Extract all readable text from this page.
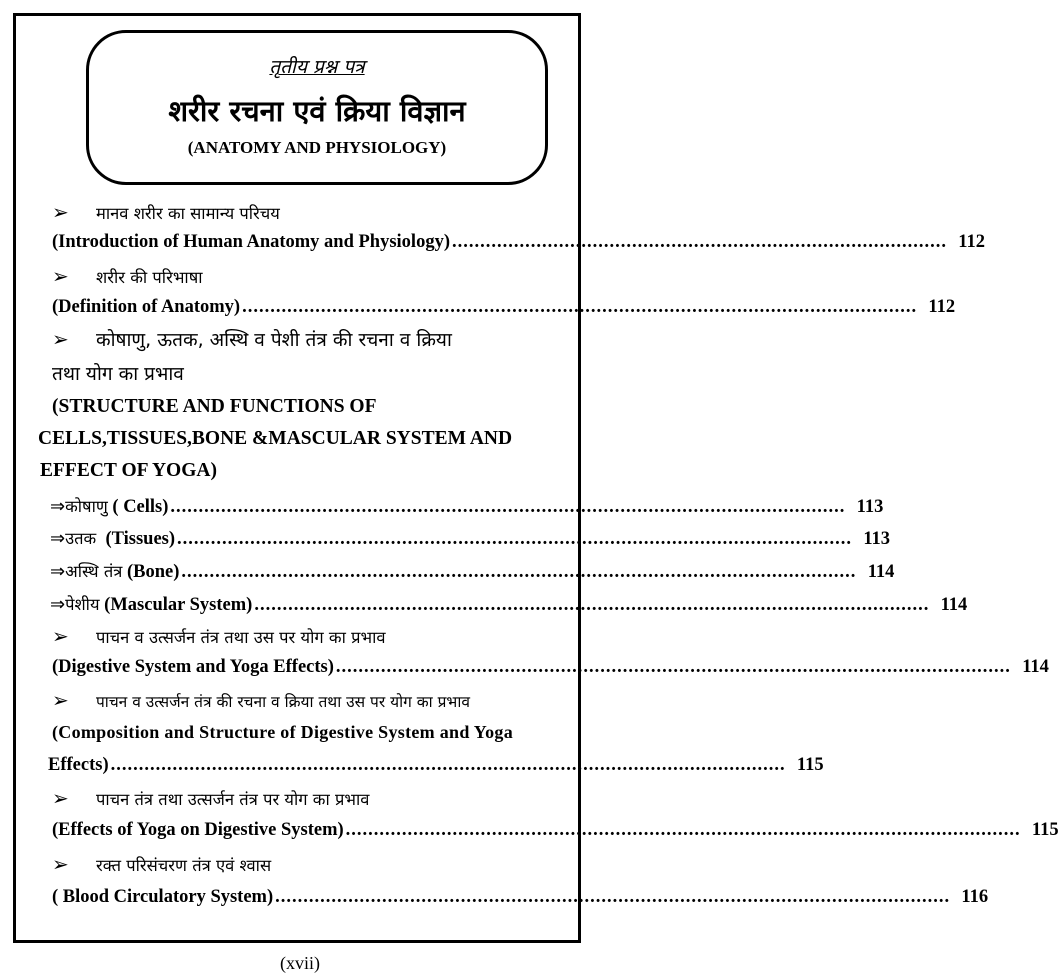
तृतीय प्रश्न पत्र
शरीर रचना एवं क्रिया विज्ञान
(ANATOMY AND PHYSIOLOGY)
➢ मानव शरीर का सामान्य परिचय
(Introduction of Human Anatomy and Physiology) ........................................................................................ 112
➢ शरीर की परिभाषा
(Definition of Anatomy) ........................................................................................................................ 112
➢ कोषाणु, ऊतक, अस्थि व पेशी तंत्र की रचना व क्रिया
तथा योग का प्रभाव
(STRUCTURE AND FUNCTIONS OF
CELLS,TISSUES,BONE &MASCULAR SYSTEM AND
EFFECT OF YOGA)
⇒ कोषाणु
( Cells) ........................................................................................................................ 113
⇒ उतक
(Tissues) ........................................................................................................................ 113
⇒ अस्थि तंत्र
(Bone) ........................................................................................................................ 114
⇒ पेशीय
(Mascular System) ........................................................................................................................ 114
➢ पाचन व उत्सर्जन तंत्र तथा उस पर योग का प्रभाव
(Digestive System and Yoga Effects) ........................................................................................................................ 114
➢ पाचन व उत्सर्जन तंत्र की रचना व क्रिया तथा उस पर योग का प्रभाव
(Composition and Structure of Digestive System and Yoga
Effects) ........................................................................................................................ 115
➢ पाचन तंत्र तथा उत्सर्जन तंत्र पर योग का प्रभाव
(Effects of Yoga on Digestive System) ........................................................................................................................ 115
➢ रक्त परिसंचरण तंत्र एवं श्वास
( Blood Circulatory System) ........................................................................................................................ 116
(xvii)
